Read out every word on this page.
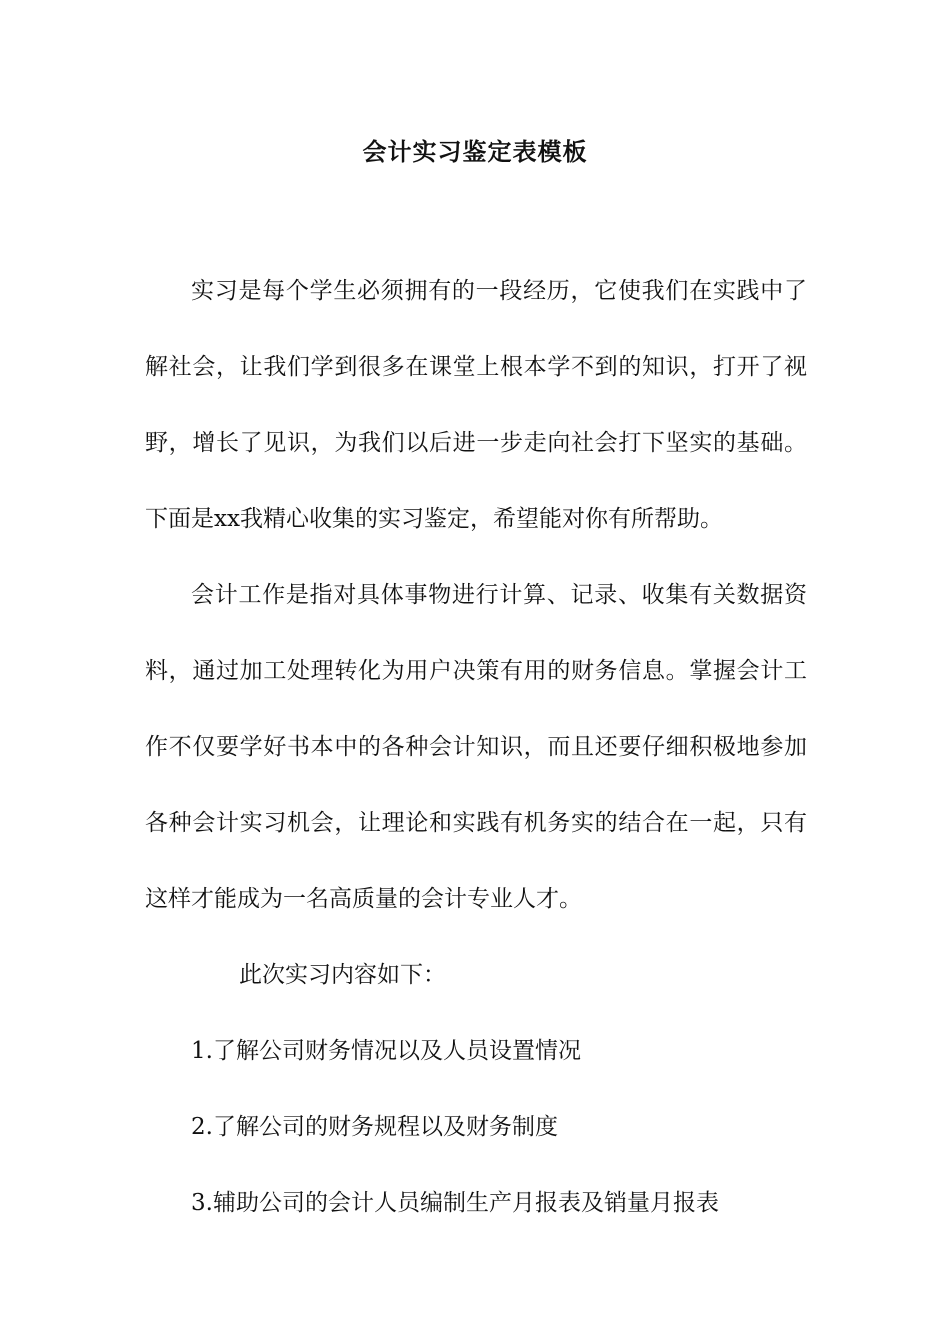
会计实习鉴定表模板

实习是每个学生必须拥有的一段经历，它使我们在实践中了解社会，让我们学到很多在课堂上根本学不到的知识，打开了视野，增长了见识，为我们以后进一步走向社会打下坚实的基础。下面是xx我精心收集的实习鉴定，希望能对你有所帮助。

会计工作是指对具体事物进行计算、记录、收集有关数据资料，通过加工处理转化为用户决策有用的财务信息。掌握会计工作不仅要学好书本中的各种会计知识，而且还要仔细积极地参加各种会计实习机会，让理论和实践有机务实的结合在一起，只有这样才能成为一名高质量的会计专业人才。

此次实习内容如下：

1.了解公司财务情况以及人员设置情况

2.了解公司的财务规程以及财务制度

3.辅助公司的会计人员编制生产月报表及销量月报表
